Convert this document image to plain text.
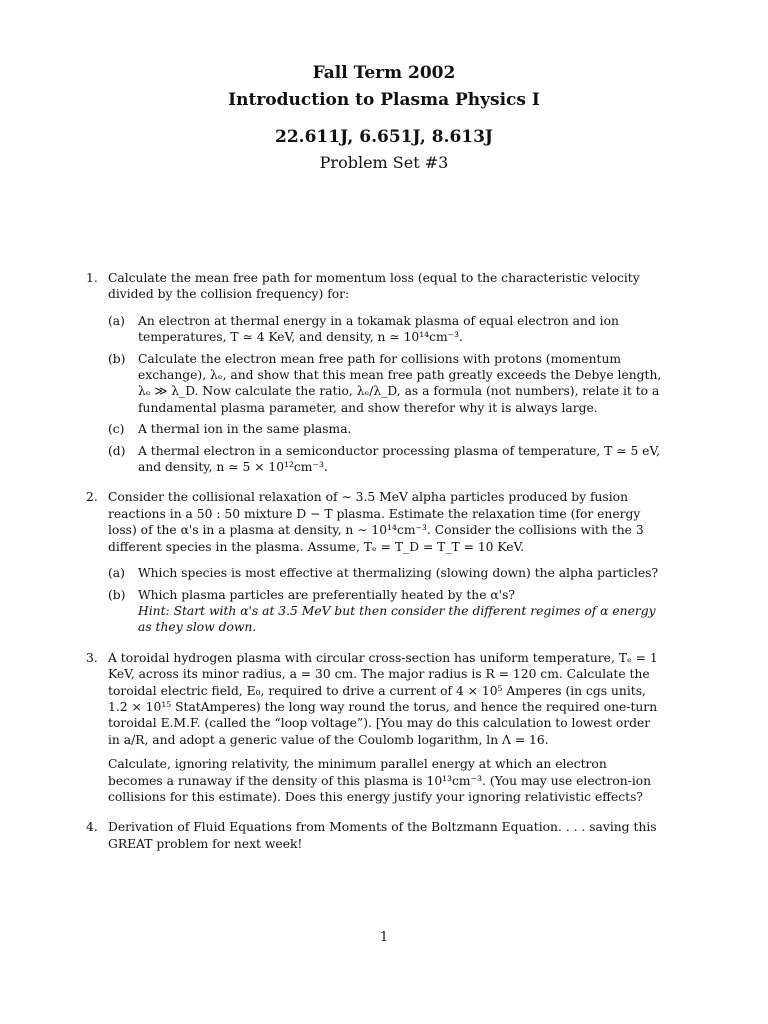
Fall Term 2002
Introduction to Plasma Physics I
22.611J, 6.651J, 8.613J
Problem Set #3
1. Calculate the mean free path for momentum loss (equal to the characteristic velocity divided by the collision frequency) for:
(a) An electron at thermal energy in a tokamak plasma of equal electron and ion temperatures, T ≃ 4 KeV, and density, n ≃ 10¹⁴cm⁻³.
(b) Calculate the electron mean free path for collisions with protons (momentum exchange), λₑ, and show that this mean free path greatly exceeds the Debye length, λₑ ≫ λ_D. Now calculate the ratio, λₑ/λ_D, as a formula (not numbers), relate it to a fundamental plasma parameter, and show therefor why it is always large.
(c) A thermal ion in the same plasma.
(d) A thermal electron in a semiconductor processing plasma of temperature, T ≃ 5 eV, and density, n ≃ 5 × 10¹²cm⁻³.
2. Consider the collisional relaxation of ∼ 3.5 MeV alpha particles produced by fusion reactions in a 50 : 50 mixture D − T plasma. Estimate the relaxation time (for energy loss) of the α's in a plasma at density, n ∼ 10¹⁴cm⁻³. Consider the collisions with the 3 different species in the plasma. Assume, Tₑ = T_D = T_T = 10 KeV.
(a) Which species is most effective at thermalizing (slowing down) the alpha particles?
(b) Which plasma particles are preferentially heated by the α's?
Hint: Start with α's at 3.5 MeV but then consider the different regimes of α energy as they slow down.
3. A toroidal hydrogen plasma with circular cross-section has uniform temperature, Tₑ = 1 KeV, across its minor radius, a = 30 cm. The major radius is R = 120 cm. Calculate the toroidal electric field, E₀, required to drive a current of 4 × 10⁵ Amperes (in cgs units, 1.2 × 10¹⁵ StatAmperes) the long way round the torus, and hence the required one-turn toroidal E.M.F. (called the “loop voltage”). [You may do this calculation to lowest order in a/R, and adopt a generic value of the Coulomb logarithm, ln Λ = 16.
Calculate, ignoring relativity, the minimum parallel energy at which an electron becomes a runaway if the density of this plasma is 10¹³cm⁻³. (You may use electron-ion collisions for this estimate). Does this energy justify your ignoring relativistic effects?
4. Derivation of Fluid Equations from Moments of the Boltzmann Equation. . . . saving this GREAT problem for next week!
1
